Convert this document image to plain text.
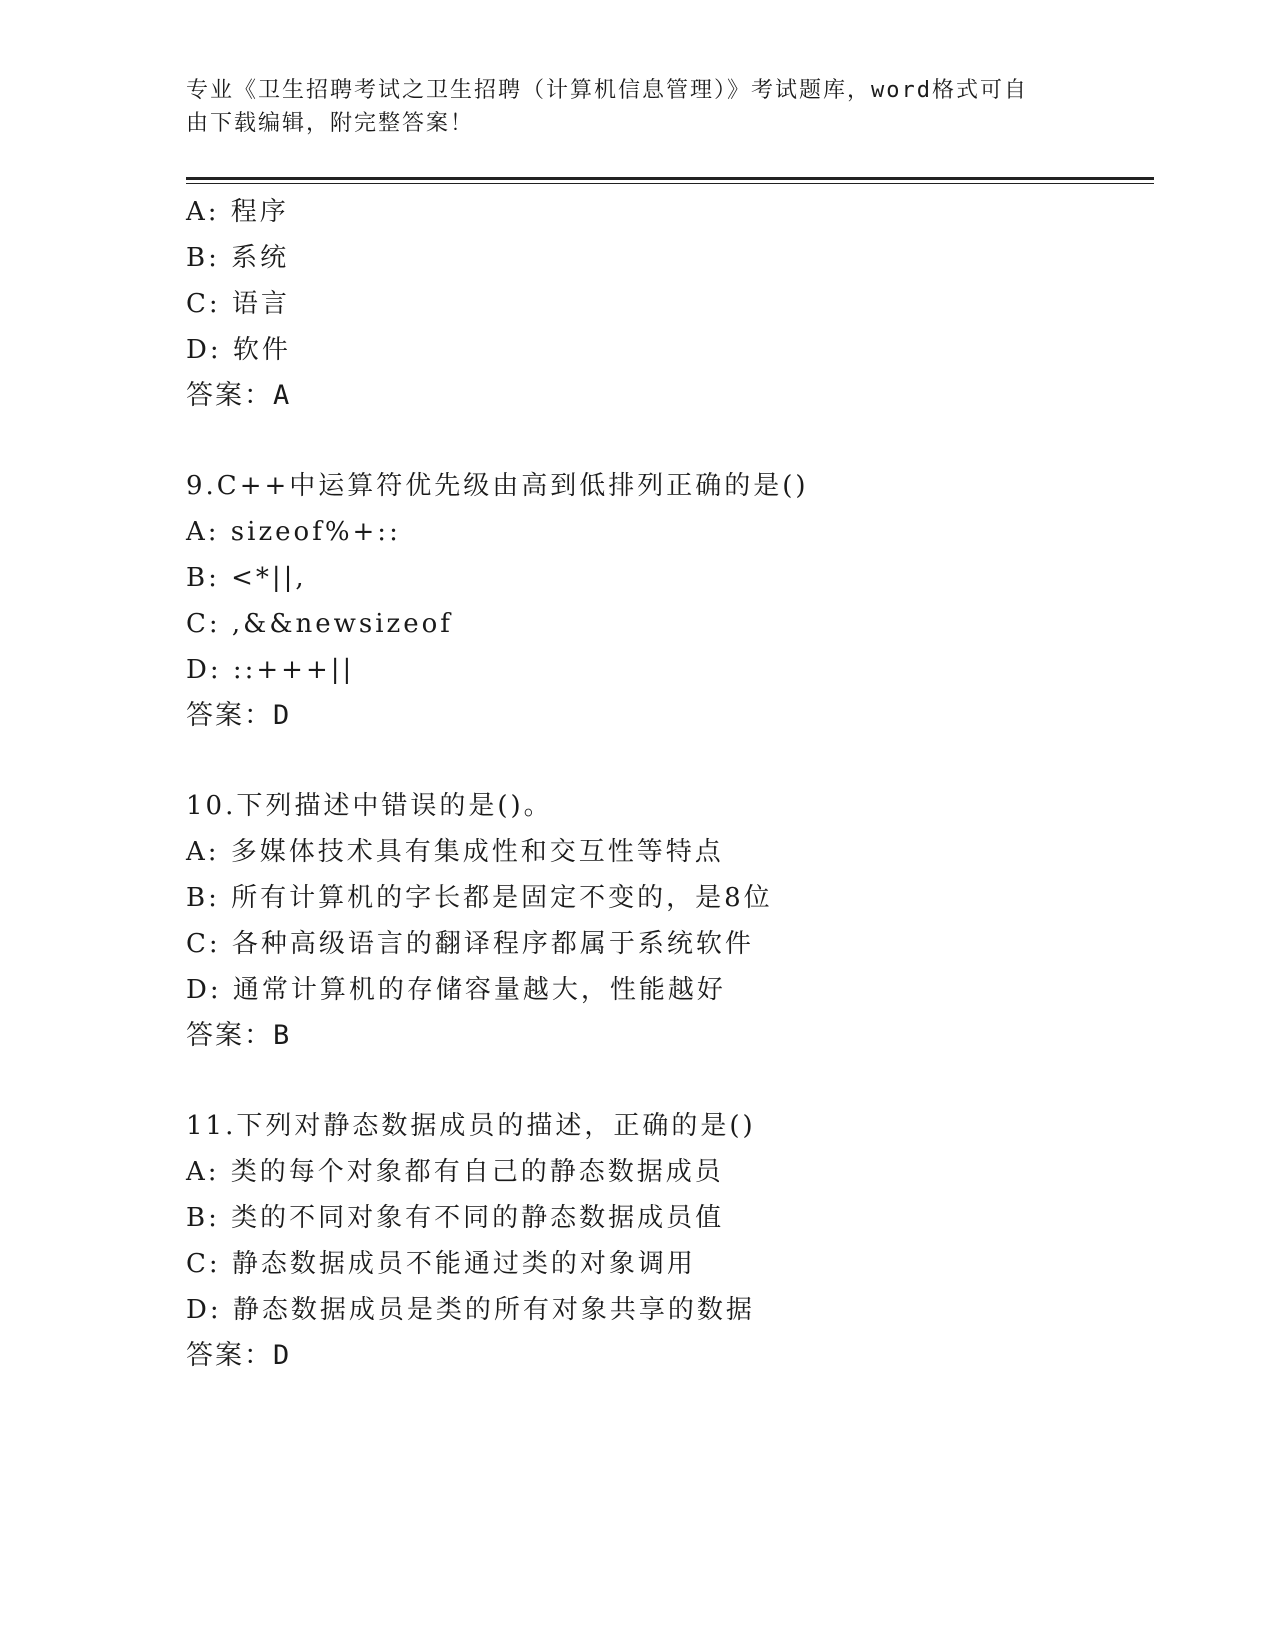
专业《卫生招聘考试之卫生招聘（计算机信息管理）》考试题库，word格式可自
由下载编辑，附完整答案！
A: 程序
B: 系统
C: 语言
D: 软件
答案：A
9.C++中运算符优先级由高到低排列正确的是()
A: sizeof%+::
B: <*||,
C: ,&&newsizeof
D: ::+++||
答案：D
10.下列描述中错误的是()。
A: 多媒体技术具有集成性和交互性等特点
B: 所有计算机的字长都是固定不变的，是8位
C: 各种高级语言的翻译程序都属于系统软件
D: 通常计算机的存储容量越大，性能越好
答案：B
11.下列对静态数据成员的描述，正确的是()
A: 类的每个对象都有自己的静态数据成员
B: 类的不同对象有不同的静态数据成员值
C: 静态数据成员不能通过类的对象调用
D: 静态数据成员是类的所有对象共享的数据
答案：D
